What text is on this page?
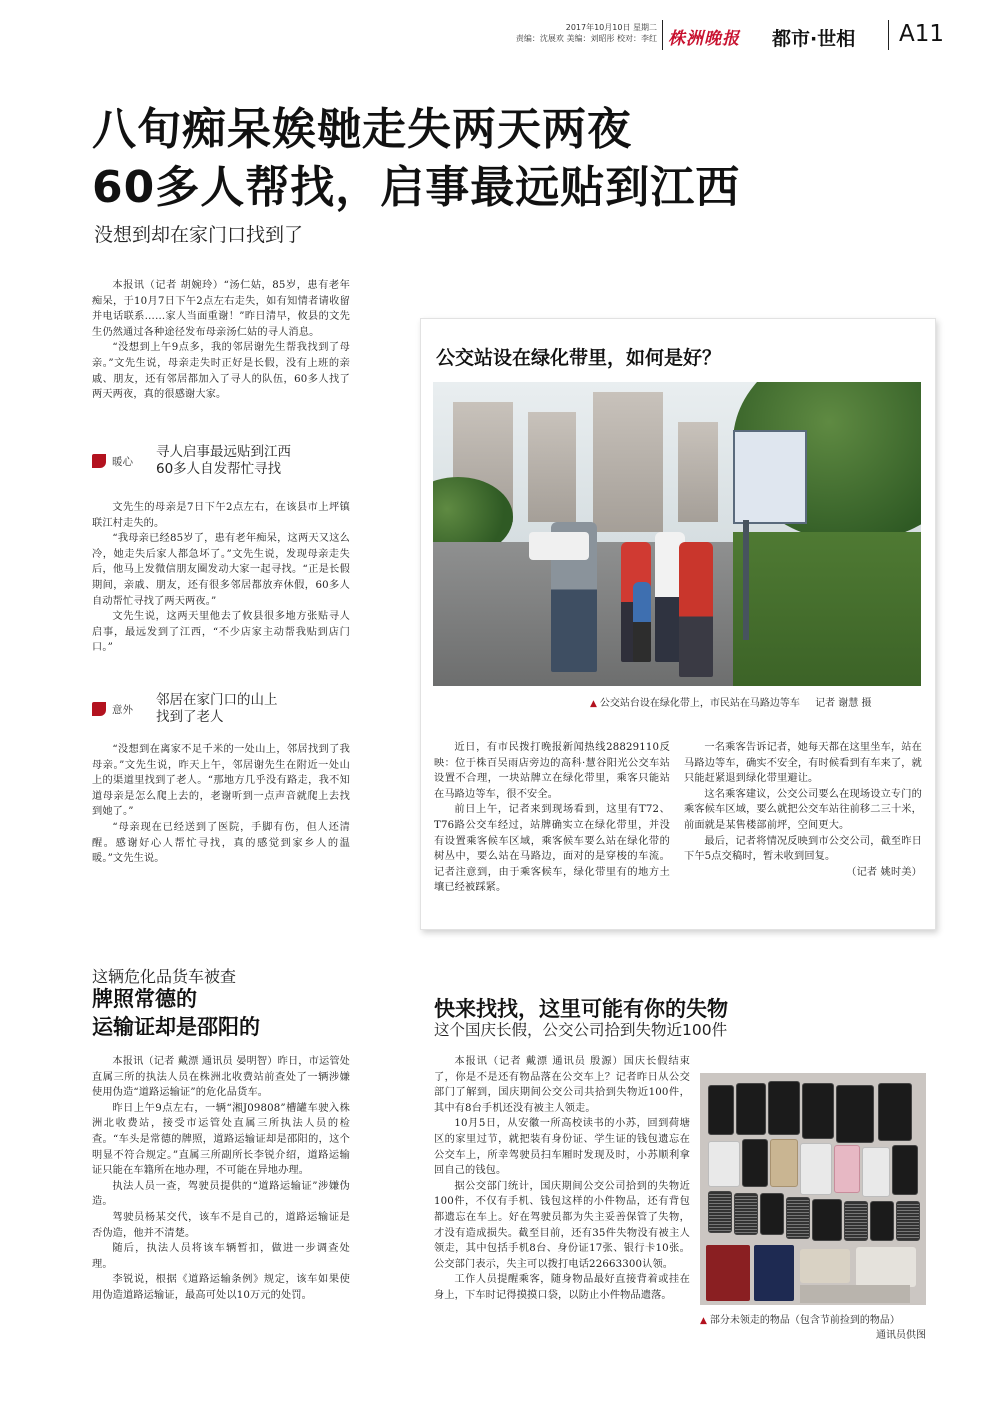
2017年10月10日 星期二
责编：沈展欢 美编：刘昭彤 校对：李红 株洲晚报 都市·世相 A11
八旬痴呆娭毑走失两天两夜
60多人帮找，启事最远贴到江西
没想到却在家门口找到了

本报讯（记者 胡婉玲）“汤仁姑，85岁，患有老年痴呆，于10月7日下午2点左右走失，如有知情者请收留并电话联系……家人当面重谢！”昨日清早，攸县的文先生仍然通过各种途径发布母亲汤仁姑的寻人消息。

“没想到上午9点多，我的邻居谢先生帮我找到了母亲。”文先生说，母亲走失时正好是长假，没有上班的亲戚、朋友，还有邻居都加入了寻人的队伍，60多人找了两天两夜，真的很感谢大家。

暖心
寻人启事最远贴到江西
60多人自发帮忙寻找

文先生的母亲是7日下午2点左右，在该县市上坪镇联江村走失的。

“我母亲已经85岁了，患有老年痴呆，这两天又这么冷，她走失后家人都急坏了。”文先生说，发现母亲走失后，他马上发微信朋友圈发动大家一起寻找。“正是长假期间，亲戚、朋友，还有很多邻居都放弃休假，60多人自动帮忙寻找了两天两夜。”

文先生说，这两天里他去了攸县很多地方张贴寻人启事，最远发到了江西，“不少店家主动帮我贴到店门口。”

意外
邻居在家门口的山上
找到了老人

“没想到在离家不足千米的一处山上，邻居找到了我母亲。”文先生说，昨天上午，邻居谢先生在附近一处山上的渠道里找到了老人。“那地方几乎没有路走，我不知道母亲是怎么爬上去的，老谢听到一点声音就爬上去找到她了。”

“母亲现在已经送到了医院，手脚有伤，但人还清醒。感谢好心人帮忙寻找，真的感觉到家乡人的温暖。”文先生说。

公交站设在绿化带里，如何是好？
▲ 公交站台设在绿化带上，市民站在马路边等车 记者 谢慧 摄

近日，有市民拨打晚报新闻热线28829110反映：位于株百吴雨店旁边的高科·慧谷阳光公交车站设置不合理，一块站牌立在绿化带里，乘客只能站在马路边等车，很不安全。

前日上午，记者来到现场看到，这里有T72、T76路公交车经过，站牌确实立在绿化带里，并没有设置乘客候车区域，乘客候车要么站在绿化带的树丛中，要么站在马路边，面对的是穿梭的车流。记者注意到，由于乘客候车，绿化带里有的地方土壤已经被踩紧。

一名乘客告诉记者，她每天都在这里坐车，站在马路边等车，确实不安全，有时候看到有车来了，就只能赶紧退到绿化带里避让。

这名乘客建议，公交公司要么在现场设立专门的乘客候车区域，要么就把公交车站往前移二三十米，前面就是某售楼部前坪，空间更大。

最后，记者将情况反映到市公交公司，截至昨日下午5点交稿时，暂未收到回复。

（记者 姚时美）
这辆危化品货车被查
牌照常德的
运输证却是邵阳的

本报讯（记者 戴漂 通讯员 晏明智）昨日，市运管处直属三所的执法人员在株洲北收费站前查处了一辆涉嫌使用伪造“道路运输证”的危化品货车。

昨日上午9点左右，一辆“湘J09808”槽罐车驶入株洲北收费站，接受市运管处直属三所执法人员的检查。“车头是常德的牌照，道路运输证却是邵阳的，这个明显不符合规定。”直属三所副所长李锐介绍，道路运输证只能在车籍所在地办理，不可能在异地办理。

执法人员一查，驾驶员提供的“道路运输证”涉嫌伪造。

驾驶员杨某交代，该车不是自己的，道路运输证是否伪造，他并不清楚。

随后，执法人员将该车辆暂扣，做进一步调查处理。

李锐说，根据《道路运输条例》规定，该车如果使用伪造道路运输证，最高可处以10万元的处罚。

快来找找，这里可能有你的失物
这个国庆长假，公交公司拾到失物近100件

本报讯（记者 戴漂 通讯员 殷源）国庆长假结束了，你是不是还有物品落在公交车上？记者昨日从公交部门了解到，国庆期间公交公司共拾到失物近100件，其中有8台手机还没有被主人领走。

10月5日，从安徽一所高校读书的小苏，回到荷塘区的家里过节，就把装有身份证、学生证的钱包遗忘在公交车上，所幸驾驶员扫车厢时发现及时，小苏顺利拿回自己的钱包。

据公交部门统计，国庆期间公交公司拾到的失物近100件，不仅有手机、钱包这样的小件物品，还有背包都遗忘在车上。好在驾驶员都为失主妥善保管了失物，才没有造成损失。截至目前，还有35件失物没有被主人领走，其中包括手机8台、身份证17张、银行卡10张。公交部门表示，失主可以拨打电话22663300认领。

工作人员提醒乘客，随身物品最好直接背着或挂在身上，下车时记得摸摸口袋，以防止小件物品遗落。

▲ 部分未领走的物品（包含节前捡到的物品）
通讯员供图
